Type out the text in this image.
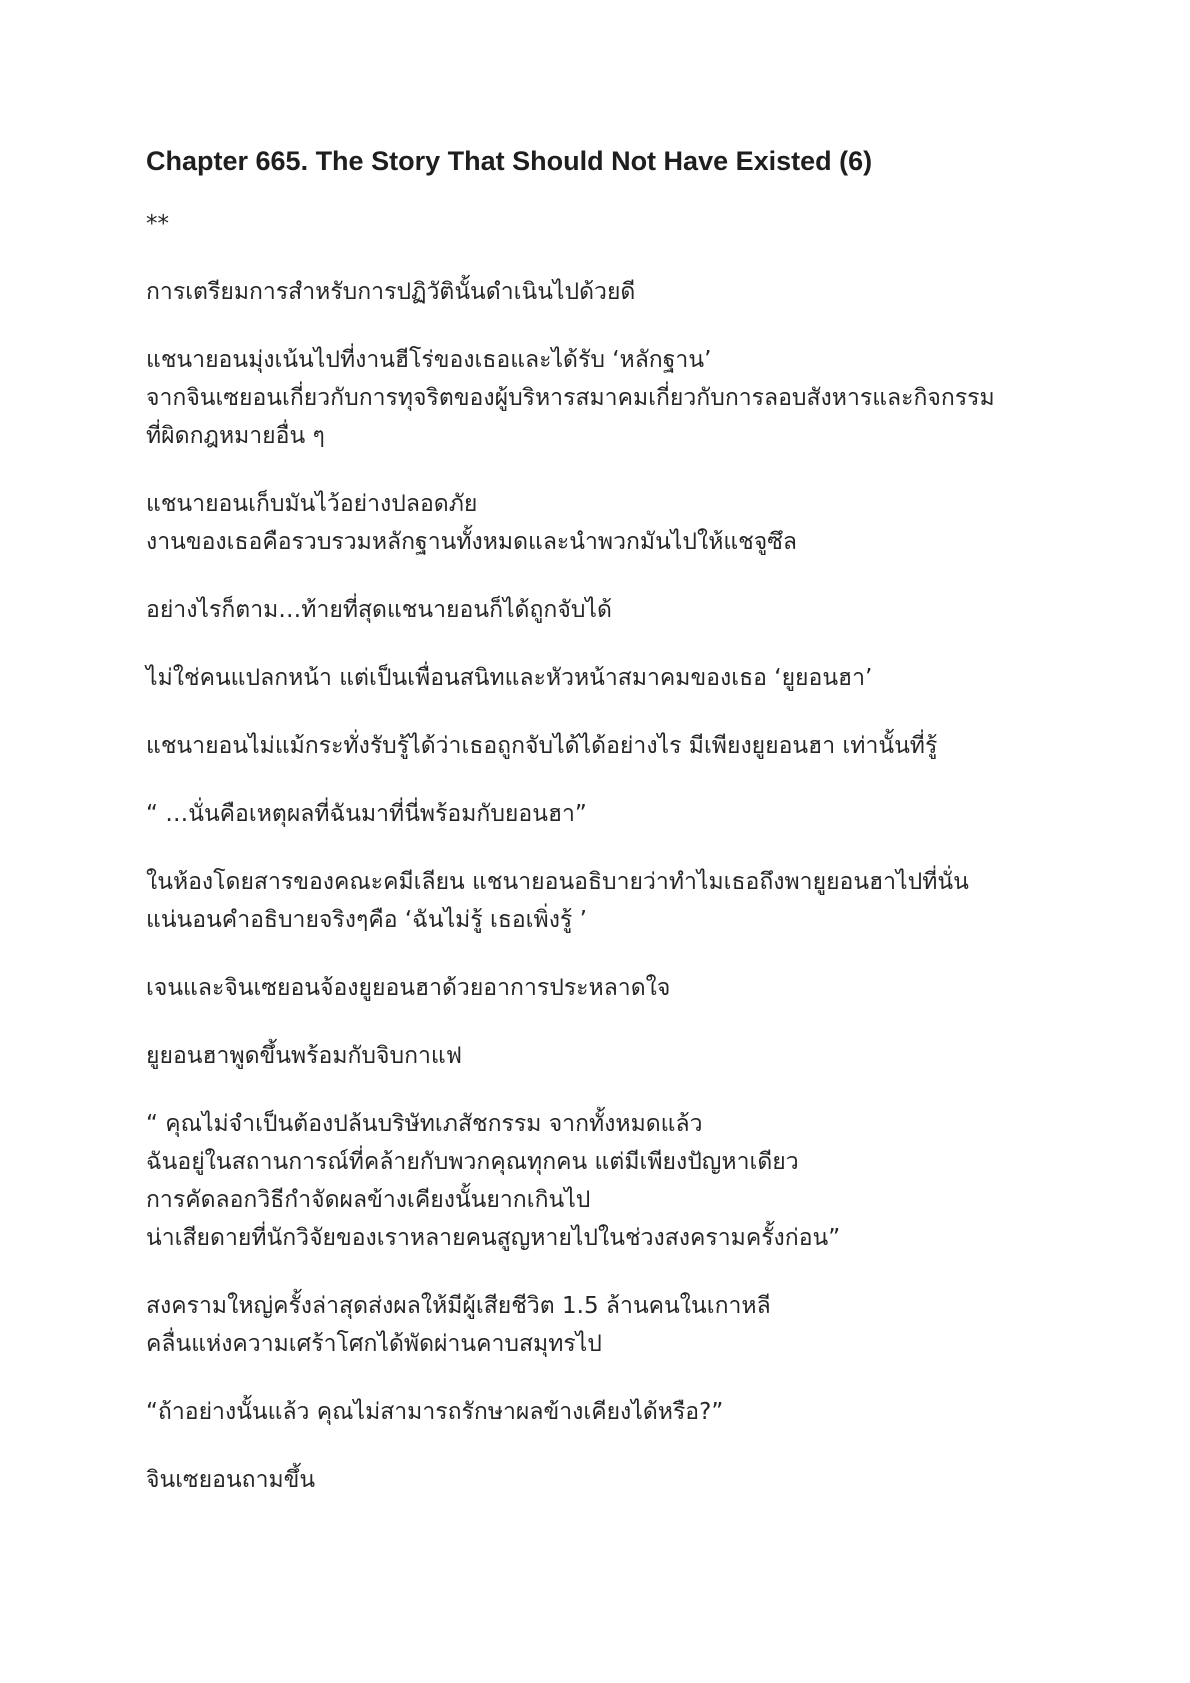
Chapter 665. The Story That Should Not Have Existed (6)
**
การเตรียมการสำหรับการปฏิวัตินั้นดำเนินไปด้วยดี
แชนายอนมุ่งเน้นไปที่งานฮีโร่ของเธอและได้รับ ‘หลักฐาน’
จากจินเซยอนเกี่ยวกับการทุจริตของผู้บริหารสมาคมเกี่ยวกับการลอบสังหารและกิจกรรม
ที่ผิดกฎหมายอื่น ๆ
แชนายอนเก็บมันไว้อย่างปลอดภัย
งานของเธอคือรวบรวมหลักฐานทั้งหมดและนำพวกมันไปให้แชจูซึล
อย่างไรก็ตาม…ท้ายที่สุดแชนายอนก็ได้ถูกจับได้
ไม่ใช่คนแปลกหน้า แต่เป็นเพื่อนสนิทและหัวหน้าสมาคมของเธอ ‘ยูยอนฮา’
แชนายอนไม่แม้กระทั่งรับรู้ได้ว่าเธอถูกจับได้ได้อย่างไร มีเพียงยูยอนฮา เท่านั้นที่รู้
“ …นั่นคือเหตุผลที่ฉันมาที่นี่พร้อมกับยอนฮา”
ในห้องโดยสารของคณะคมีเลียน แชนายอนอธิบายว่าทำไมเธอถึงพายูยอนฮาไปที่นั่น
แน่นอนคำอธิบายจริงๆคือ ‘ฉันไม่รู้ เธอเพิ่งรู้ ’
เจนและจินเซยอนจ้องยูยอนฮาด้วยอาการประหลาดใจ
ยูยอนฮาพูดขึ้นพร้อมกับจิบกาแฟ
“ คุณไม่จำเป็นต้องปล้นบริษัทเภสัชกรรม จากทั้งหมดแล้ว
ฉันอยู่ในสถานการณ์ที่คล้ายกับพวกคุณทุกคน แต่มีเพียงปัญหาเดียว
การคัดลอกวิธีกำจัดผลข้างเคียงนั้นยากเกินไป
น่าเสียดายที่นักวิจัยของเราหลายคนสูญหายไปในช่วงสงครามครั้งก่อน”
สงครามใหญ่ครั้งล่าสุดส่งผลให้มีผู้เสียชีวิต 1.5 ล้านคนในเกาหลี
คลื่นแห่งความเศร้าโศกได้พัดผ่านคาบสมุทรไป
“ถ้าอย่างนั้นแล้ว คุณไม่สามารถรักษาผลข้างเคียงได้หรือ?”
จินเซยอนถามขึ้น
